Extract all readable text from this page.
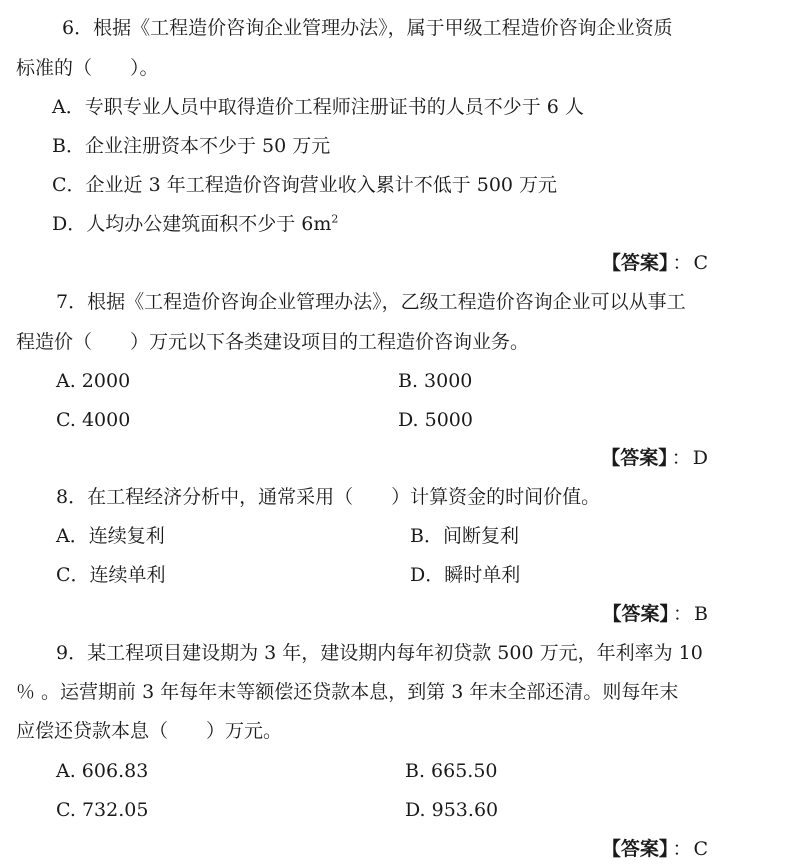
6．根据《工程造价咨询企业管理办法》，属于甲级工程造价咨询企业资质
标准的（　　）。
A．专职专业人员中取得造价工程师注册证书的人员不少于 6 人
B．企业注册资本不少于 50 万元
C．企业近 3 年工程造价咨询营业收入累计不低于 500 万元
D．人均办公建筑面积不少于 $6m^2$
【答案】 ： C
7．根据《工程造价咨询企业管理办法》，乙级工程造价咨询企业可以从事工
程造价（　　）万元以下各类建设项目的工程造价咨询业务。
A. 2000	B. 3000
C. 4000	D. 5000
【答案】 ： D
8．在工程经济分析中，通常采用（　　）计算资金的时间价值。
A．连续复利	B．间断复利
C．连续单利	D．瞬时单利
【答案】 ： B
9．某工程项目建设期为 3 年，建设期内每年初贷款 500 万元，年利率为 10
％ 。运营期前 3 年每年末等额偿还贷款本息，到第 3 年末全部还清。则每年末
应偿还贷款本息（　　）万元。
A. 606.83	B. 665.50
C. 732.05	D. 953.60
【答案】 ： C
